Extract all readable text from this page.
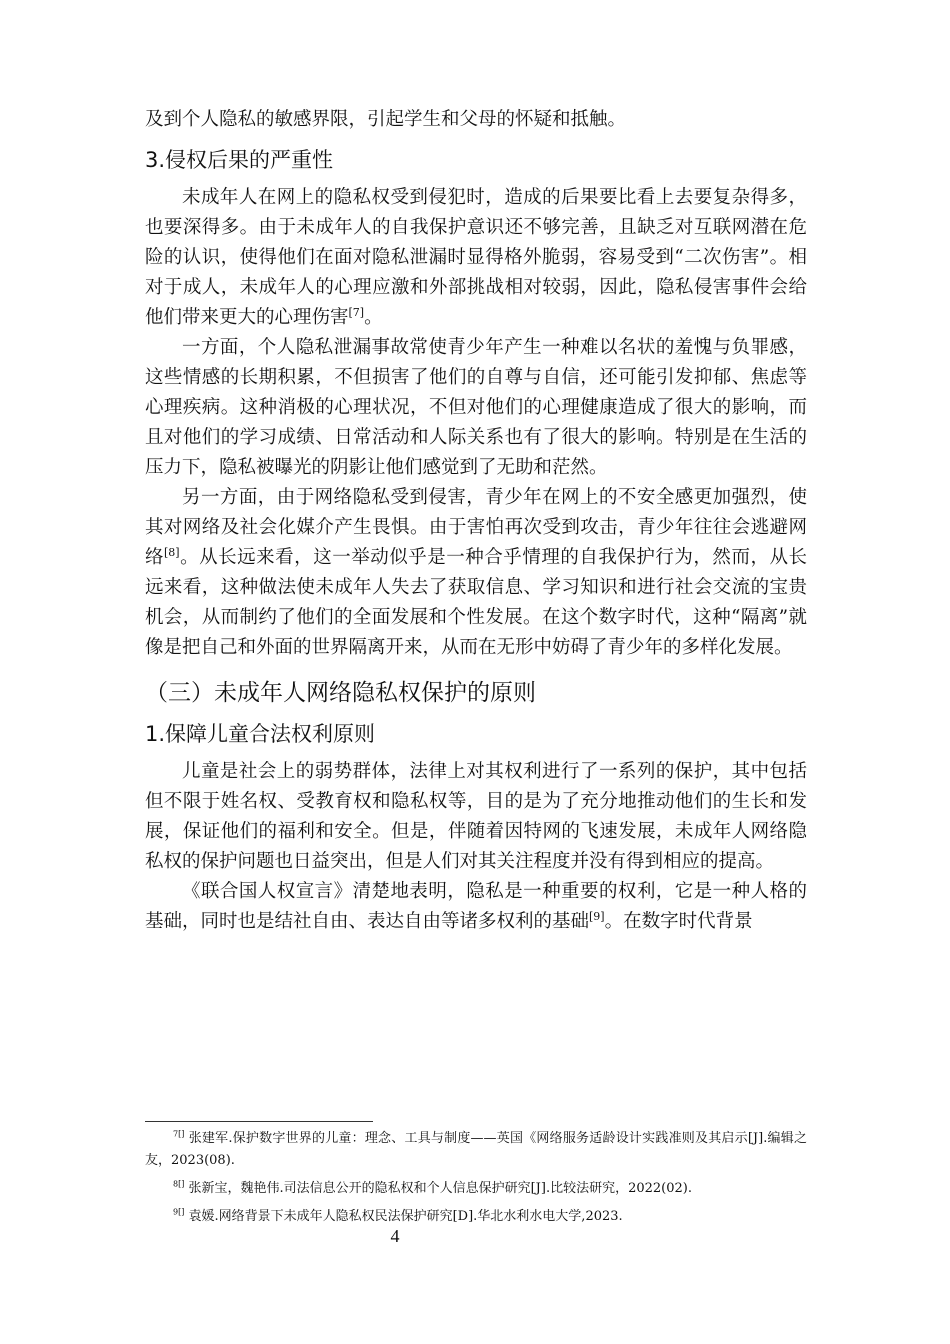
及到个人隐私的敏感界限，引起学生和父母的怀疑和抵触。

3.侵权后果的严重性

未成年人在网上的隐私权受到侵犯时，造成的后果要比看上去要复杂得多，也要深得多。由于未成年人的自我保护意识还不够完善，且缺乏对互联网潜在危险的认识，使得他们在面对隐私泄漏时显得格外脆弱，容易受到“二次伤害”。相对于成人，未成年人的心理应激和外部挑战相对较弱，因此，隐私侵害事件会给他们带来更大的心理伤害[7]。

一方面，个人隐私泄漏事故常使青少年产生一种难以名状的羞愧与负罪感，这些情感的长期积累，不但损害了他们的自尊与自信，还可能引发抑郁、焦虑等心理疾病。这种消极的心理状况，不但对他们的心理健康造成了很大的影响，而且对他们的学习成绩、日常活动和人际关系也有了很大的影响。特别是在生活的压力下，隐私被曝光的阴影让他们感觉到了无助和茫然。

另一方面，由于网络隐私受到侵害，青少年在网上的不安全感更加强烈，使其对网络及社会化媒介产生畏惧。由于害怕再次受到攻击，青少年往往会逃避网络[8]。从长远来看，这一举动似乎是一种合乎情理的自我保护行为，然而，从长远来看，这种做法使未成年人失去了获取信息、学习知识和进行社会交流的宝贵机会，从而制约了他们的全面发展和个性发展。在这个数字时代，这种“隔离”就像是把自己和外面的世界隔离开来，从而在无形中妨碍了青少年的多样化发展。

（三）未成年人网络隐私权保护的原则
1.保障儿童合法权利原则

儿童是社会上的弱势群体，法律上对其权利进行了一系列的保护，其中包括但不限于姓名权、受教育权和隐私权等，目的是为了充分地推动他们的生长和发展，保证他们的福利和安全。但是，伴随着因特网的飞速发展，未成年人网络隐私权的保护问题也日益突出，但是人们对其关注程度并没有得到相应的提高。

《联合国人权宣言》清楚地表明，隐私是一种重要的权利，它是一种人格的基础，同时也是结社自由、表达自由等诸多权利的基础[9]。在数字时代背景

$^{7[]}$ 张建军.保护数字世界的儿童：理念、工具与制度——英国《网络服务适龄设计实践准则及其启示[J].编辑之友，2023(08).

$^{8[]}$ 张新宝，魏艳伟.司法信息公开的隐私权和个人信息保护研究[J].比较法研究，2022(02).

$^{9[]}$ 袁媛.网络背景下未成年人隐私权民法保护研究[D].华北水利水电大学,2023.

4
